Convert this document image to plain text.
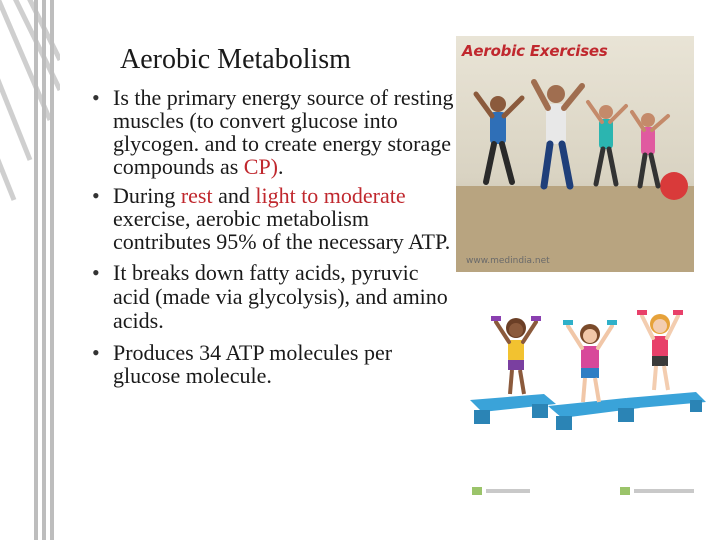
Aerobic Metabolism
• Is the primary energy source of resting muscles (to convert glucose into glycogen. and to create energy storage compounds as CP).
• During rest and light to moderate exercise, aerobic metabolism contributes 95% of the necessary ATP.
• It breaks down fatty acids, pyruvic acid (made via glycolysis), and amino acids.
• Produces 34 ATP molecules per glucose molecule.
Aerobic Exercises
www.medindia.net
